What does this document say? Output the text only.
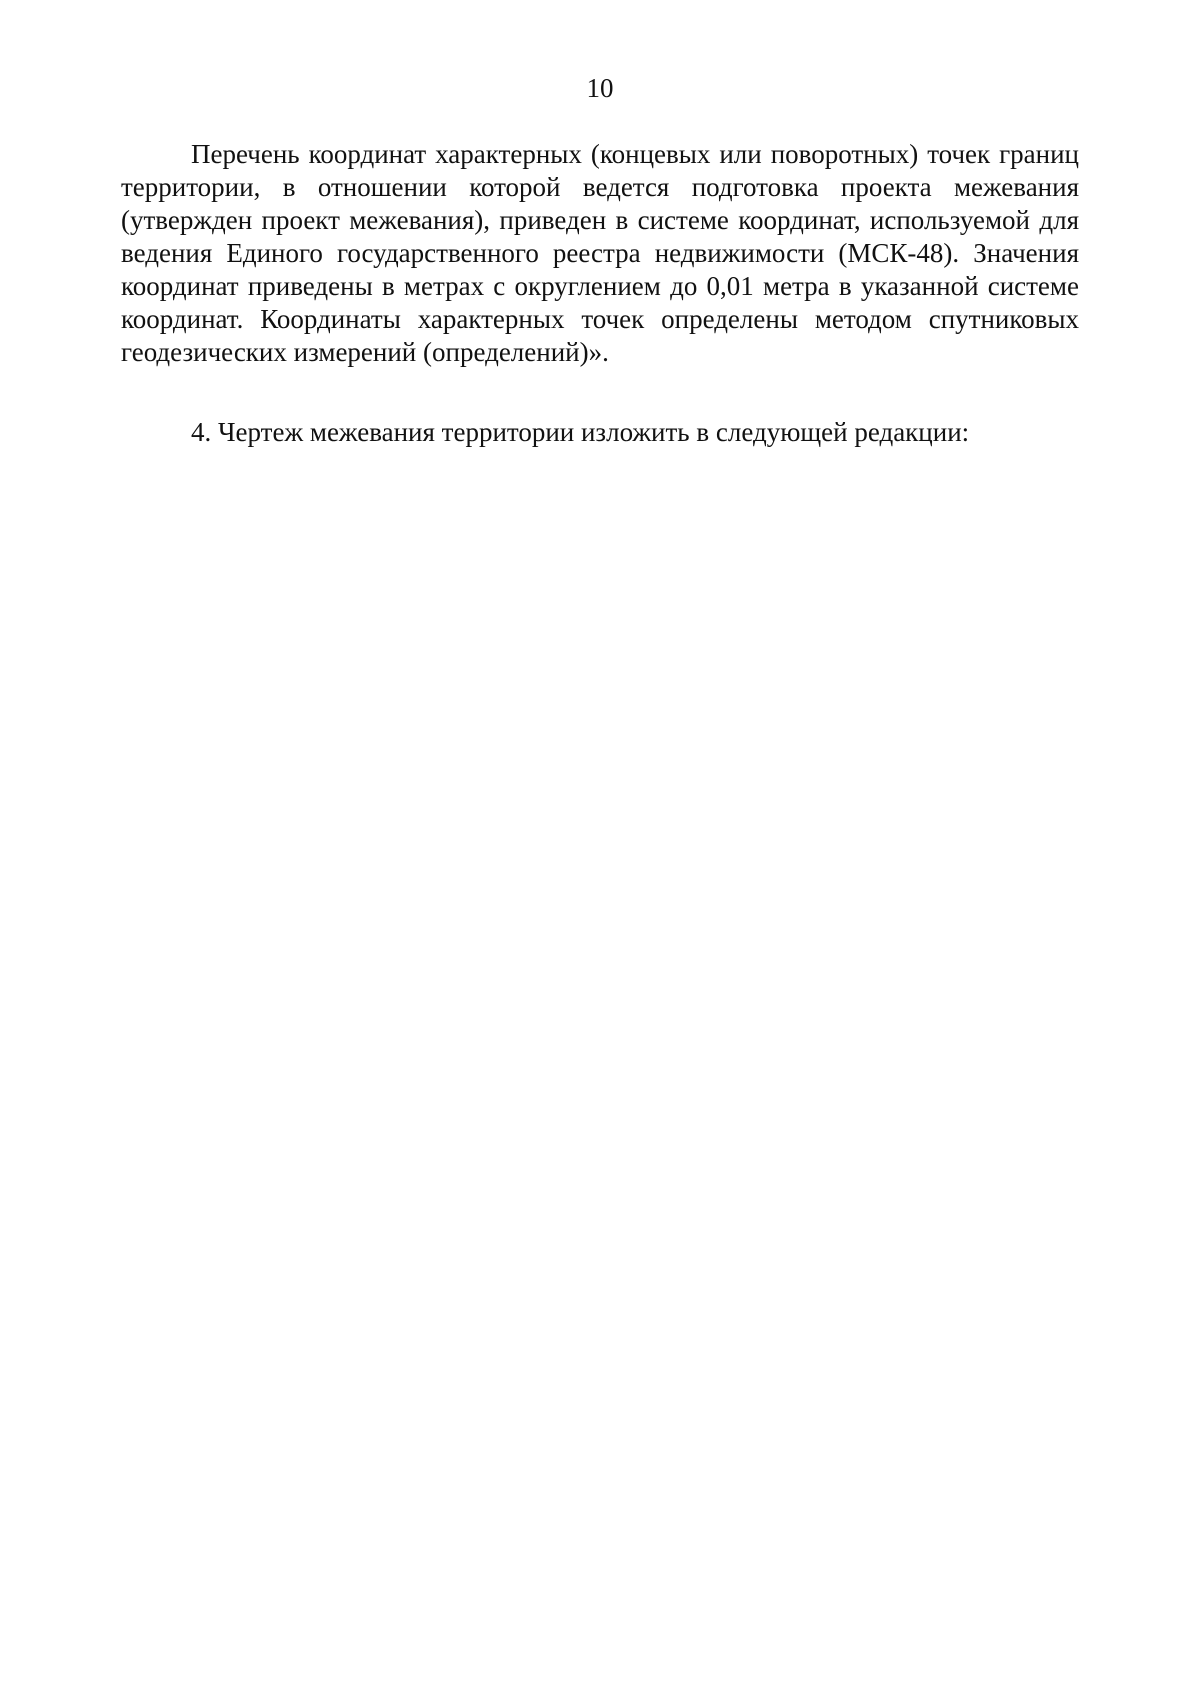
10

Перечень координат характерных (концевых или поворотных) точек границ территории, в отношении которой ведется подготовка проекта межевания (утвержден проект межевания), приведен в системе координат, используемой для ведения Единого государственного реестра недвижимости (МСК-48). Значения координат приведены в метрах с округлением до 0,01 метра в указанной системе координат. Координаты характерных точек определены методом спутниковых геодезических измерений (определений)».

4. Чертеж межевания территории изложить в следующей редакции:
